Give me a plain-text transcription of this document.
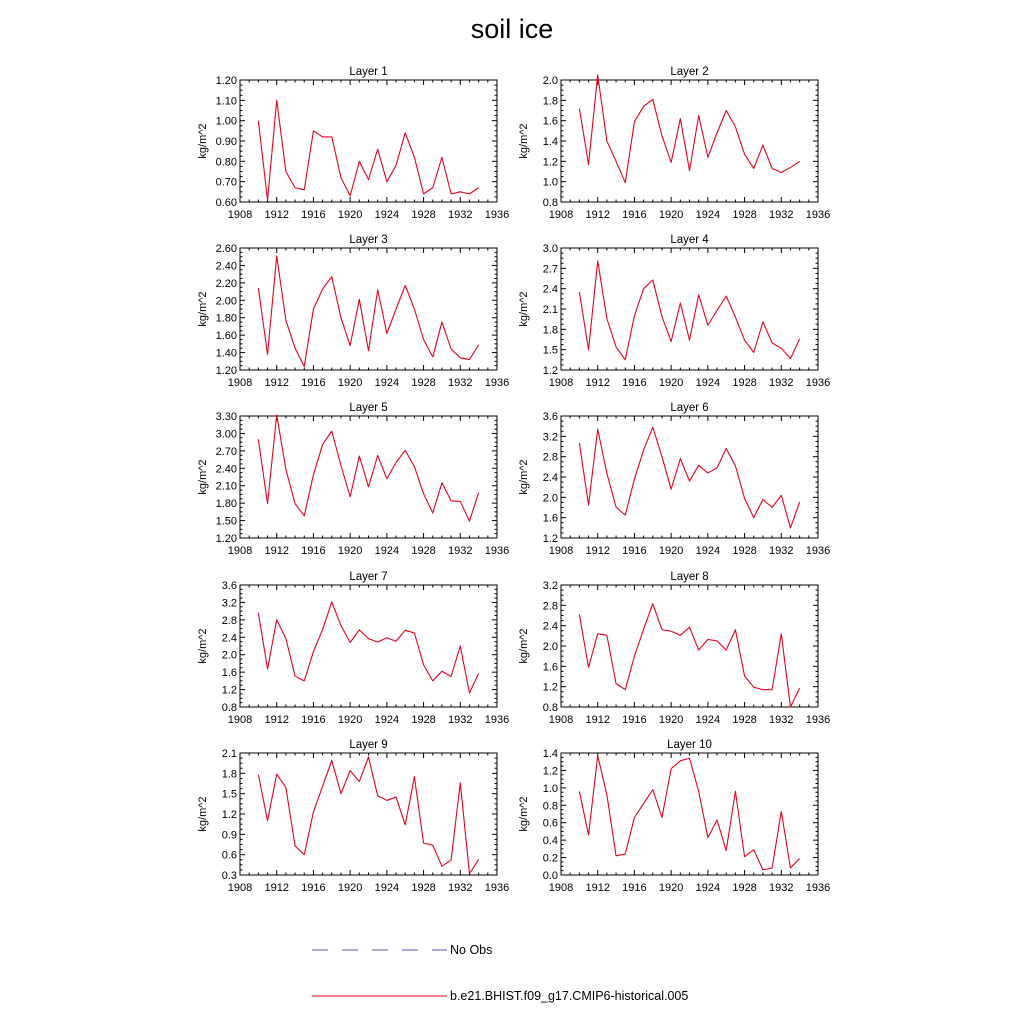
soil ice
Layer 1
1908 1912 1916 1920 1924 1928 1932 1936
0.60
0.70
0.80
0.90
1.00
1.10
1.20
kg/m^2
Layer 2
1908 1912 1916 1920 1924 1928 1932 1936
0.8
1.0
1.2
1.4
1.6
1.8
2.0
kg/m^2
Layer 3
1908 1912 1916 1920 1924 1928 1932 1936
1.20
1.40
1.60
1.80
2.00
2.20
2.40
2.60
kg/m^2
Layer 4
1908 1912 1916 1920 1924 1928 1932 1936
1.2
1.5
1.8
2.1
2.4
2.7
3.0
kg/m^2
Layer 5
1908 1912 1916 1920 1924 1928 1932 1936
1.20
1.50
1.80
2.10
2.40
2.70
3.00
3.30
kg/m^2
Layer 6
1908 1912 1916 1920 1924 1928 1932 1936
1.2
1.6
2.0
2.4
2.8
3.2
3.6
kg/m^2
Layer 7
1908 1912 1916 1920 1924 1928 1932 1936
0.8
1.2
1.6
2.0
2.4
2.8
3.2
3.6
kg/m^2
Layer 8
1908 1912 1916 1920 1924 1928 1932 1936
0.8
1.2
1.6
2.0
2.4
2.8
3.2
kg/m^2
Layer 9
1908 1912 1916 1920 1924 1928 1932 1936
0.3
0.6
0.9
1.2
1.5
1.8
2.1
kg/m^2
Layer 10
1908 1912 1916 1920 1924 1928 1932 1936
0.0
0.2
0.4
0.6
0.8
1.0
1.2
1.4
kg/m^2
No Obs
b.e21.BHIST.f09_g17.CMIP6-historical.005
